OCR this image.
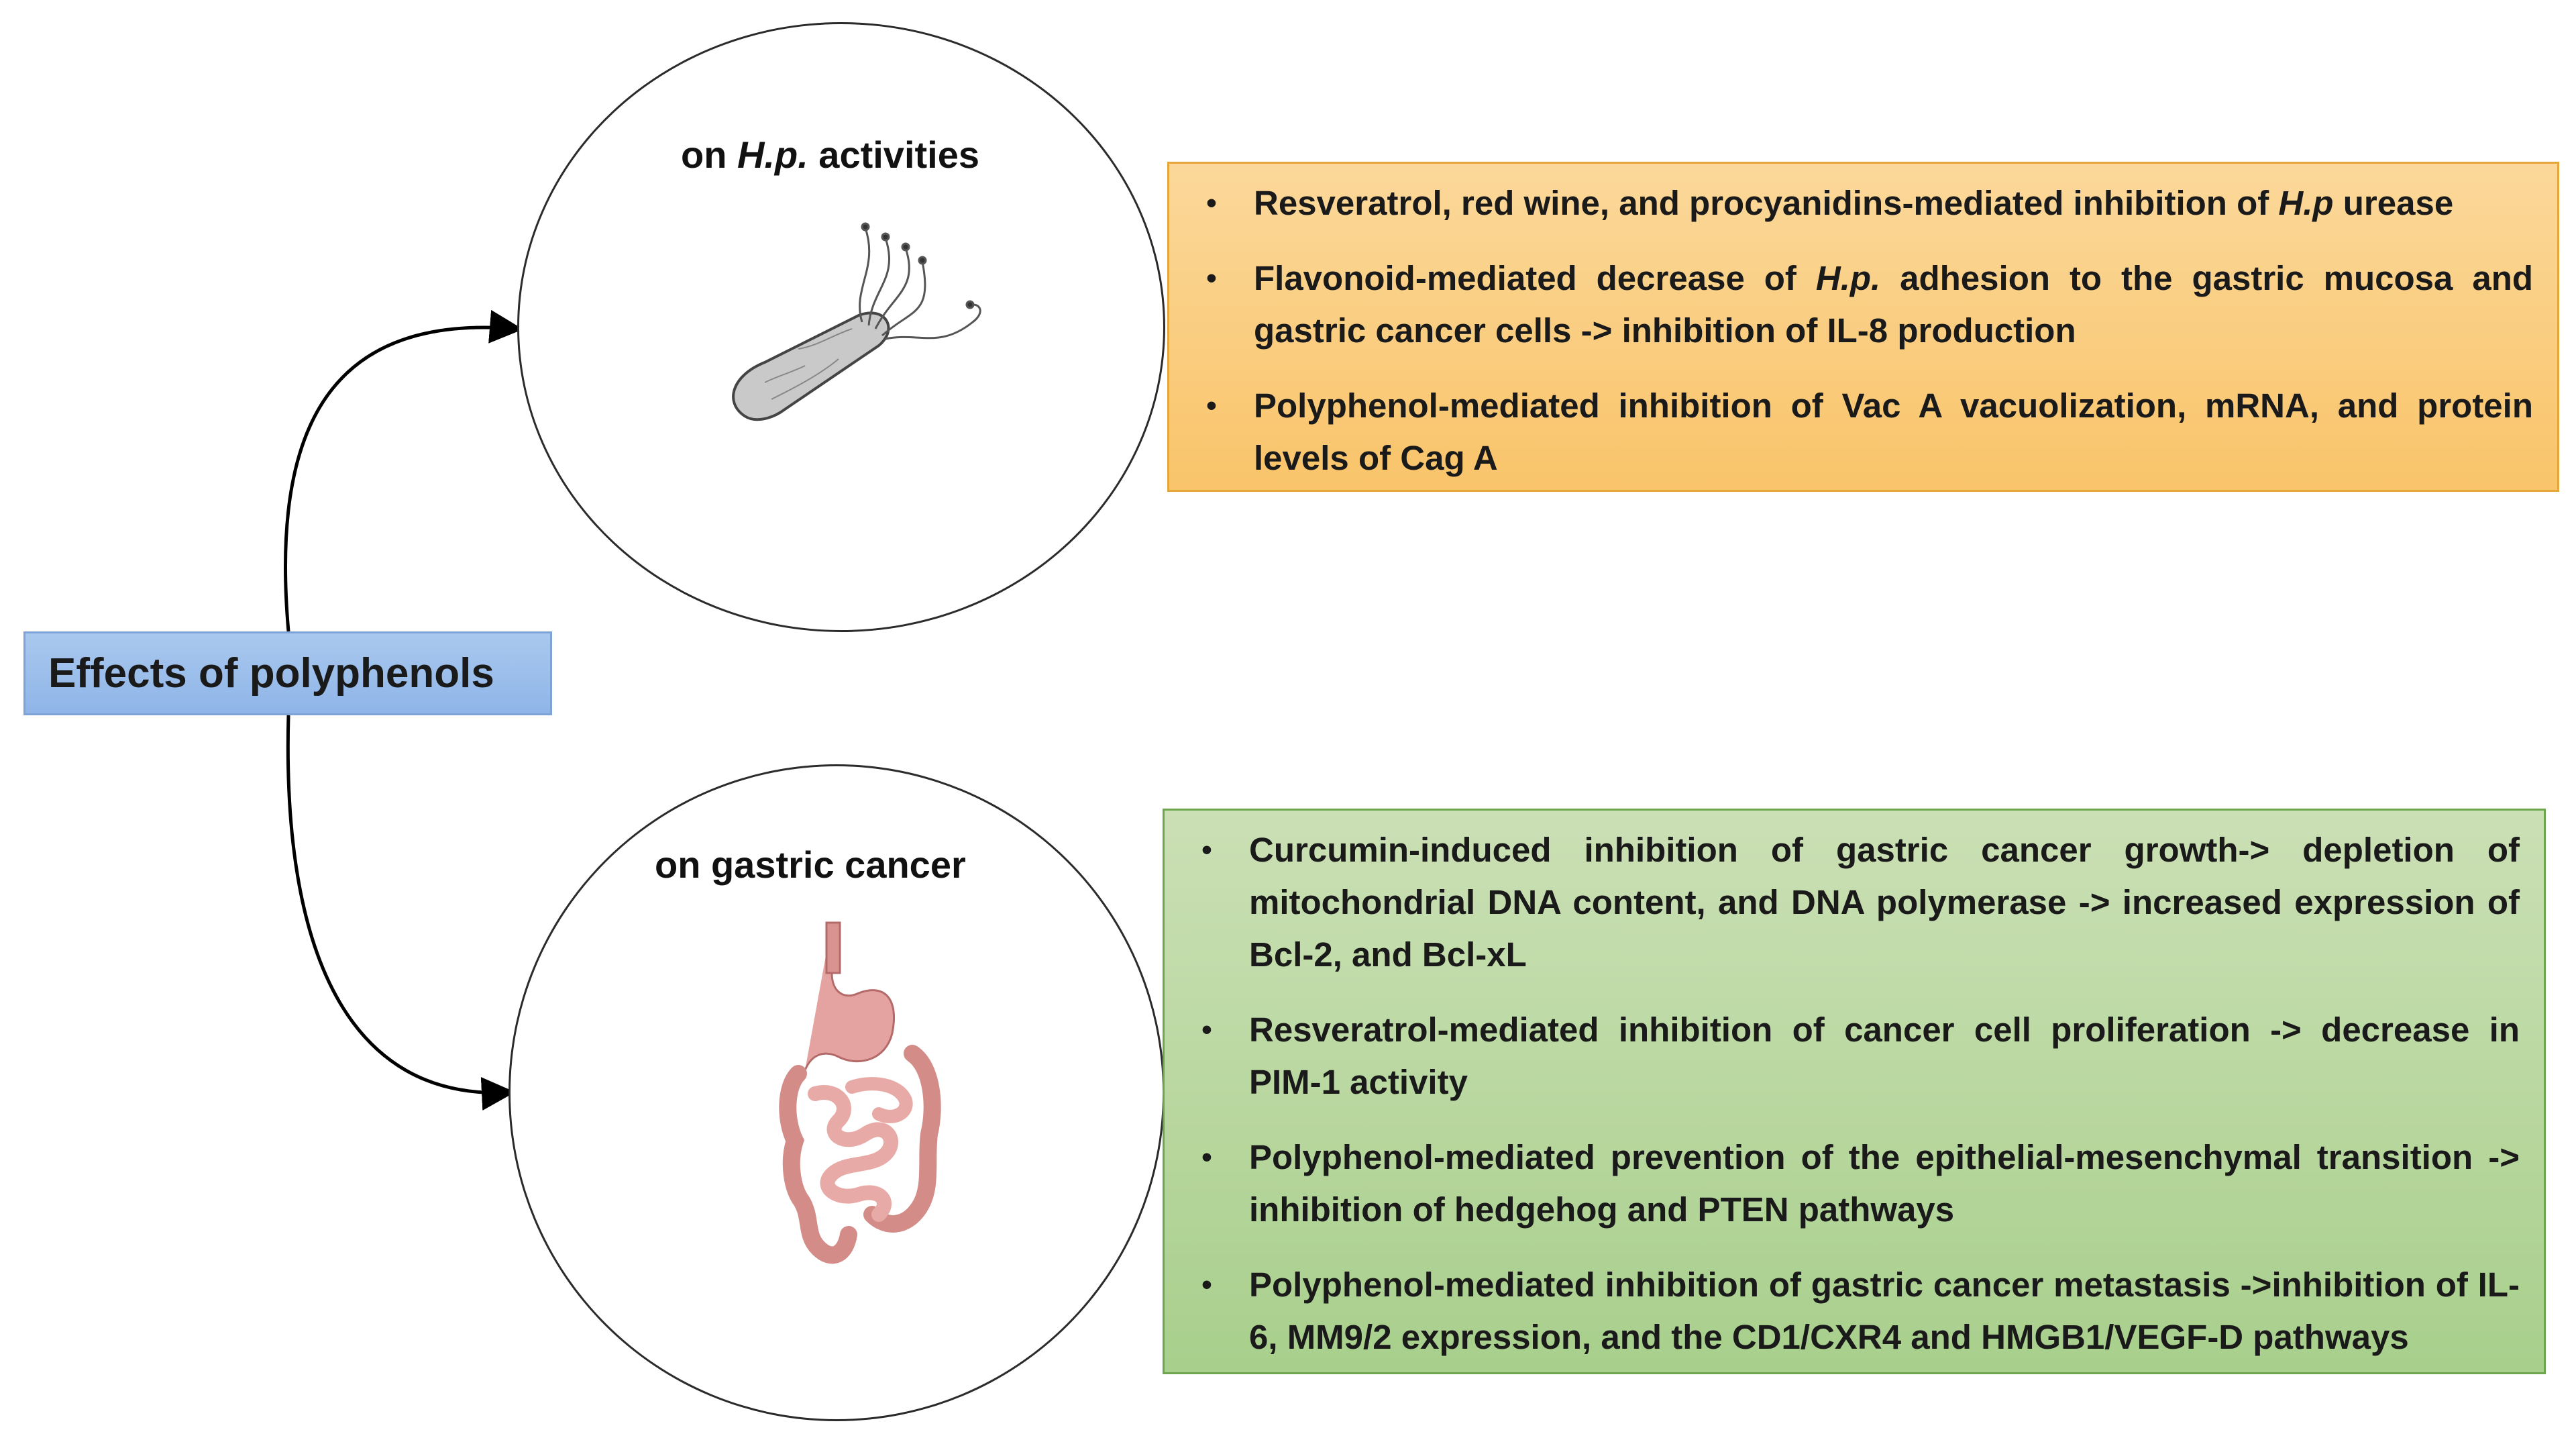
Effects of polyphenols
on H.p. activities
•	Resveratrol, red wine, and procyanidins-mediated inhibition of H.p urease
•	Flavonoid-mediated decrease of H.p. adhesion to the gastric mucosa and gastric cancer cells -> inhibition of IL-8 production
•	Polyphenol-mediated inhibition of Vac A vacuolization, mRNA, and protein levels of Cag A
on gastric cancer	•	Curcumin-induced inhibition of gastric cancer growth-> depletion of mitochondrial DNA content, and DNA polymerase -> increased expression of Bcl-2, and Bcl-xL
•	Resveratrol-mediated inhibition of cancer cell proliferation -> decrease in PIM-1 activity
•	Polyphenol-mediated prevention of the epithelial-mesenchymal transition -> inhibition of hedgehog and PTEN pathways
•	Polyphenol-mediated inhibition of gastric cancer metastasis ->inhibition of IL-6, MM9/2 expression, and the CD1/CXR4 and HMGB1/VEGF-D pathways
